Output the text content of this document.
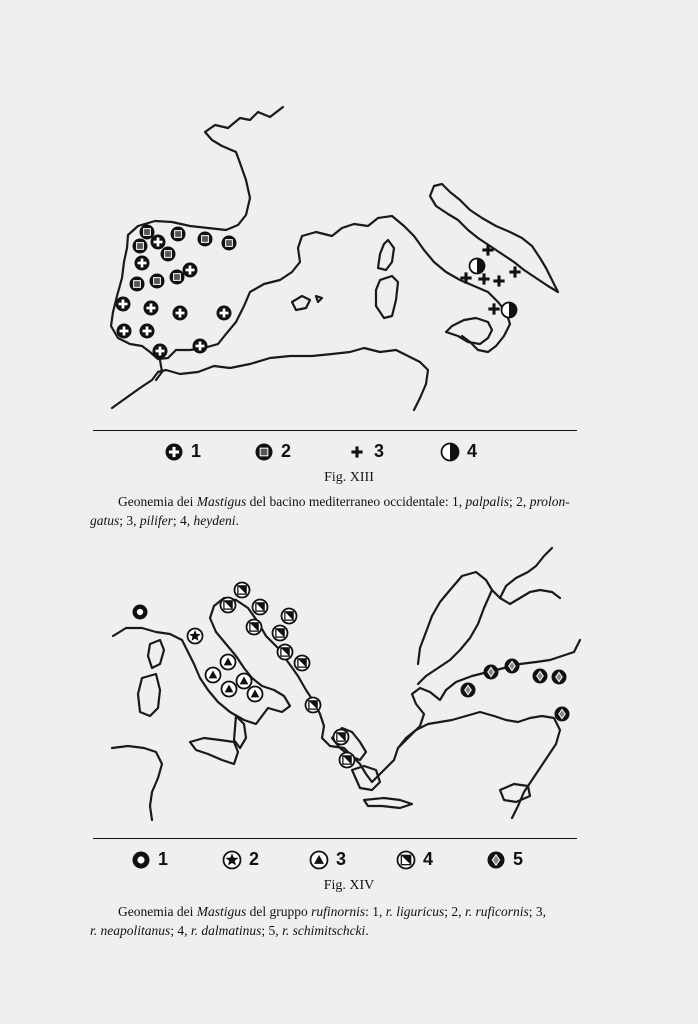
1	2	3	4
Fig. XIII
Geonemia dei Mastigus del bacino mediterraneo occidentale: 1, palpalis; 2, prolon-
gatus; 3, pilifer; 4, heydeni.
1	2	3	4	5
Fig. XIV
Geonemia dei Mastigus del gruppo rufinornis: 1, r. liguricus; 2, r. ruficornis; 3,
r. neapolitanus; 4, r. dalmatinus; 5, r. schimitschcki.
